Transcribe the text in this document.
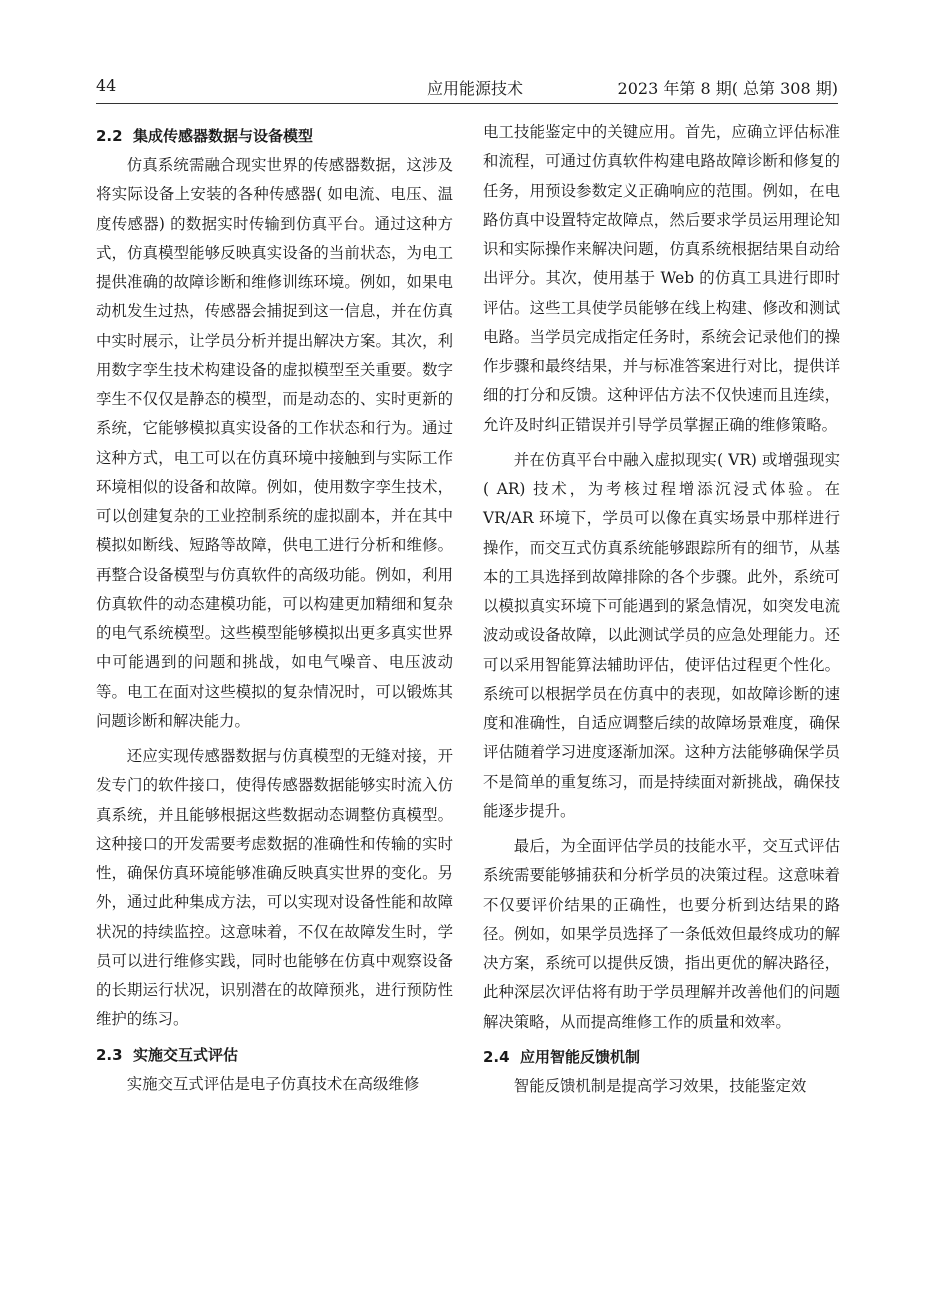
44	应用能源技术	2023 年第 8 期( 总第 308 期)
2.2 集成传感器数据与设备模型

仿真系统需融合现实世界的传感器数据，这涉及将实际设备上安装的各种传感器( 如电流、电压、温度传感器) 的数据实时传输到仿真平台。通过这种方式，仿真模型能够反映真实设备的当前状态，为电工提供准确的故障诊断和维修训练环境。例如，如果电动机发生过热，传感器会捕捉到这一信息，并在仿真中实时展示，让学员分析并提出解决方案。其次，利用数字孪生技术构建设备的虚拟模型至关重要。数字孪生不仅仅是静态的模型，而是动态的、实时更新的系统，它能够模拟真实设备的工作状态和行为。通过这种方式，电工可以在仿真环境中接触到与实际工作环境相似的设备和故障。例如，使用数字孪生技术，可以创建复杂的工业控制系统的虚拟副本，并在其中模拟如断线、短路等故障，供电工进行分析和维修。再整合设备模型与仿真软件的高级功能。例如，利用仿真软件的动态建模功能，可以构建更加精细和复杂的电气系统模型。这些模型能够模拟出更多真实世界中可能遇到的问题和挑战，如电气噪音、电压波动等。电工在面对这些模拟的复杂情况时，可以锻炼其问题诊断和解决能力。

还应实现传感器数据与仿真模型的无缝对接，开发专门的软件接口，使得传感器数据能够实时流入仿真系统，并且能够根据这些数据动态调整仿真模型。这种接口的开发需要考虑数据的准确性和传输的实时性，确保仿真环境能够准确反映真实世界的变化。另外，通过此种集成方法，可以实现对设备性能和故障状况的持续监控。这意味着，不仅在故障发生时，学员可以进行维修实践，同时也能够在仿真中观察设备的长期运行状况，识别潜在的故障预兆，进行预防性维护的练习。

2.3 实施交互式评估

实施交互式评估是电子仿真技术在高级维修

电工技能鉴定中的关键应用。首先，应确立评估标准和流程，可通过仿真软件构建电路故障诊断和修复的任务，用预设参数定义正确响应的范围。例如，在电路仿真中设置特定故障点，然后要求学员运用理论知识和实际操作来解决问题，仿真系统根据结果自动给出评分。其次，使用基于 Web 的仿真工具进行即时评估。这些工具使学员能够在线上构建、修改和测试电路。当学员完成指定任务时，系统会记录他们的操作步骤和最终结果，并与标准答案进行对比，提供详细的打分和反馈。这种评估方法不仅快速而且连续，允许及时纠正错误并引导学员掌握正确的维修策略。

并在仿真平台中融入虚拟现实( VR) 或增强现实( AR) 技术，为考核过程增添沉浸式体验。在 VR/AR 环境下，学员可以像在真实场景中那样进行操作，而交互式仿真系统能够跟踪所有的细节，从基本的工具选择到故障排除的各个步骤。此外，系统可以模拟真实环境下可能遇到的紧急情况，如突发电流波动或设备故障，以此测试学员的应急处理能力。还可以采用智能算法辅助评估，使评估过程更个性化。系统可以根据学员在仿真中的表现，如故障诊断的速度和准确性，自适应调整后续的故障场景难度，确保评估随着学习进度逐渐加深。这种方法能够确保学员不是简单的重复练习，而是持续面对新挑战，确保技能逐步提升。

最后，为全面评估学员的技能水平，交互式评估系统需要能够捕获和分析学员的决策过程。这意味着不仅要评价结果的正确性，也要分析到达结果的路径。例如，如果学员选择了一条低效但最终成功的解决方案，系统可以提供反馈，指出更优的解决路径，此种深层次评估将有助于学员理解并改善他们的问题解决策略，从而提高维修工作的质量和效率。

2.4 应用智能反馈机制

智能反馈机制是提高学习效果，技能鉴定效
